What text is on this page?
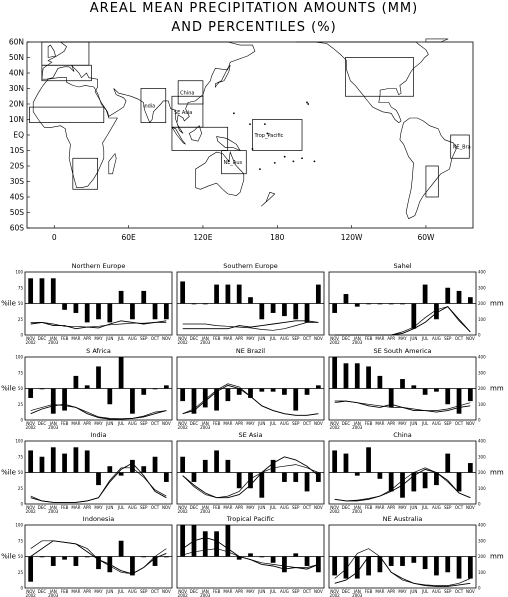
AREAL MEAN PRECIPITATION AMOUNTS (MM)
AND PERCENTILES (%)
India
China
SE Asia
Trop_Pacific
NE_Aus
NE_Bra
60N
50N
40N
30N
20N
10N
EQ
10S
20S
30S
40S
50S
60S
0	60E	120E	180	120W	60W
Northern Europe
100
75
50
25
0
%ile
NOV DEC JAN FEB MAR APR MAY JUN JUL AUG SEP OCT NOV
2002	2003
Southern Europe
NOV DEC JAN FEB MAR APR MAY JUN JUL AUG SEP OCT NOV
2002	2003
Sahel
400
300
200
100
0
mm
NOV DEC JAN FEB MAR APR MAY JUN JUL AUG SEP OCT NOV
2002	2003
S Africa
100
75
50
25
0
%ile
NOV DEC JAN FEB MAR APR MAY JUN JUL AUG SEP OCT NOV
2002	2003
NE Brazil
NOV DEC JAN FEB MAR APR MAY JUN JUL AUG SEP OCT NOV
2002	2003
SE South America
400
300
200
100
0
mm
NOV DEC JAN FEB MAR APR MAY JUN JUL AUG SEP OCT NOV
2002	2003
India
100
75
50
25
0
%ile
NOV DEC JAN FEB MAR APR MAY JUN JUL AUG SEP OCT NOV
2002	2003
SE Asia
NOV DEC JAN FEB MAR APR MAY JUN JUL AUG SEP OCT NOV
2002	2003
China
400
300
200
100
0
mm
NOV DEC JAN FEB MAR APR MAY JUN JUL AUG SEP OCT NOV
2002	2003
Indonesia
100
75
50
25
0
%ile
NOV DEC JAN FEB MAR APR MAY JUN JUL AUG SEP OCT NOV
2002	2003
Tropical Pacific
NOV DEC JAN FEB MAR APR MAY JUN JUL AUG SEP OCT NOV
2002	2003
NE Australia
400
300
200
100
0
mm
NOV DEC JAN FEB MAR APR MAY JUN JUL AUG SEP OCT NOV
2002	2003
